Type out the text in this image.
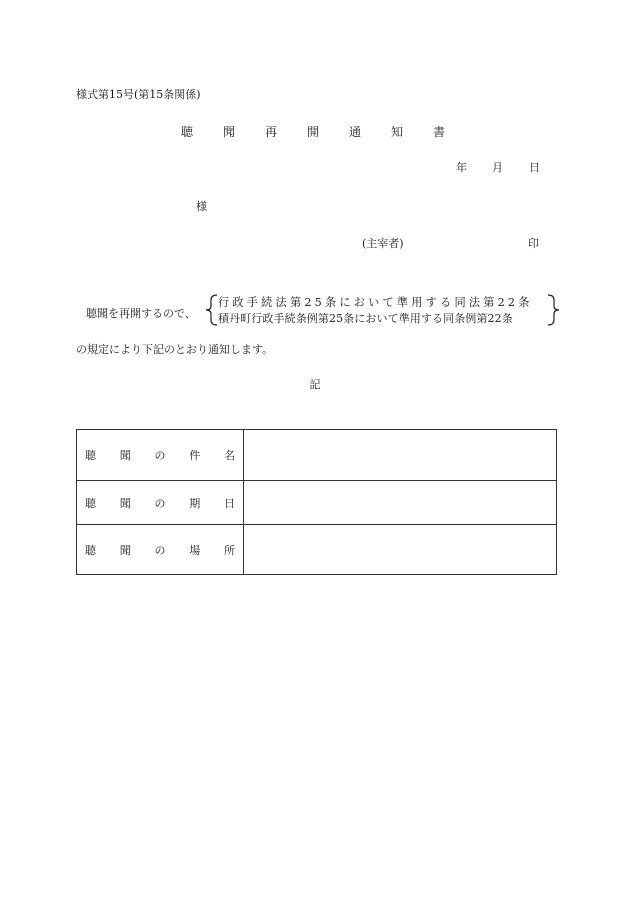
様式第15号(第15条関係)
聴　聞　再　開　通　知　書
年 月 日
様
(主宰者)	印
聴聞を再開するので、
行政手続法第25条において準用する同法第22条
積丹町行政手続条例第25条において準用する同条例第22条
の規定により下記のとおり通知します。
記
聴 聞 の 件 名	

聴 聞 の 期 日	

聴 聞 の 場 所	
